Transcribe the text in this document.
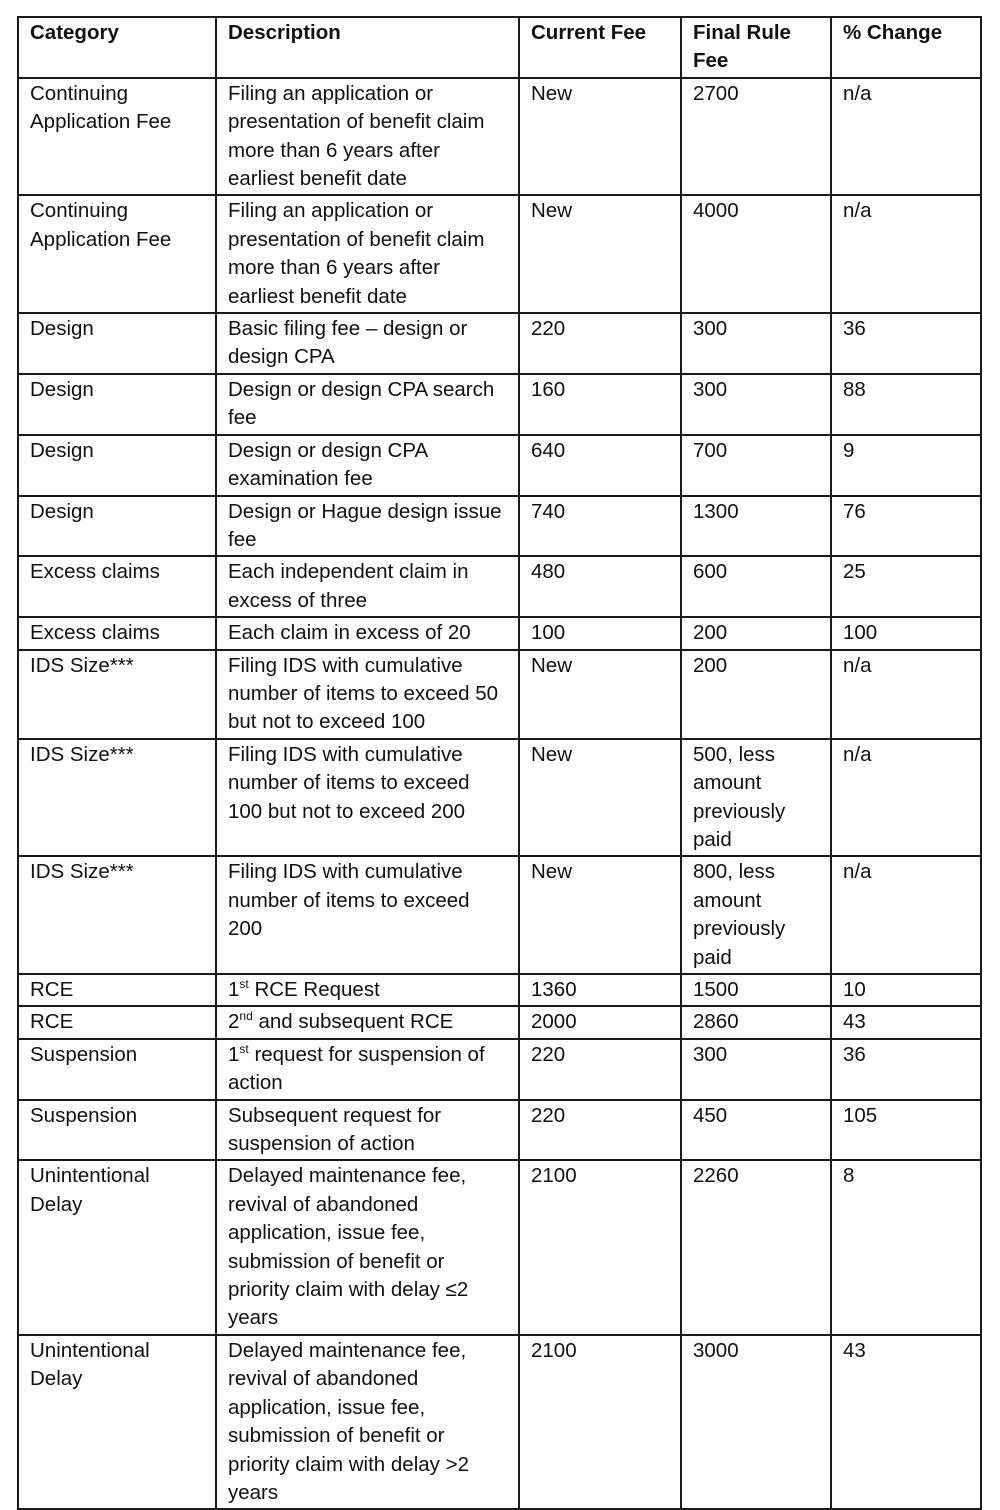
Category	Description	Current Fee	Final Rule Fee	% Change
Continuing Application Fee	Filing an application or presentation of benefit claim more than 6 years after earliest benefit date	New	2700	n/a
Continuing Application Fee	Filing an application or presentation of benefit claim more than 6 years after earliest benefit date	New	4000	n/a
Design	Basic filing fee – design or design CPA	220	300	36
Design	Design or design CPA search fee	160	300	88
Design	Design or design CPA examination fee	640	700	9
Design	Design or Hague design issue fee	740	1300	76
Excess claims	Each independent claim in excess of three	480	600	25
Excess claims	Each claim in excess of 20	100	200	100
IDS Size***	Filing IDS with cumulative number of items to exceed 50 but not to exceed 100	New	200	n/a
IDS Size***	Filing IDS with cumulative number of items to exceed 100 but not to exceed 200	New	500, less amount previously paid	n/a
IDS Size***	Filing IDS with cumulative number of items to exceed 200	New	800, less amount previously paid	n/a
RCE	1st RCE Request	1360	1500	10
RCE	2nd and subsequent RCE	2000	2860	43
Suspension	1st request for suspension of action	220	300	36
Suspension	Subsequent request for suspension of action	220	450	105
Unintentional Delay	Delayed maintenance fee, revival of abandoned application, issue fee, submission of benefit or priority claim with delay ≤2 years	2100	2260	8
Unintentional Delay	Delayed maintenance fee, revival of abandoned application, issue fee, submission of benefit or priority claim with delay >2 years	2100	3000	43
